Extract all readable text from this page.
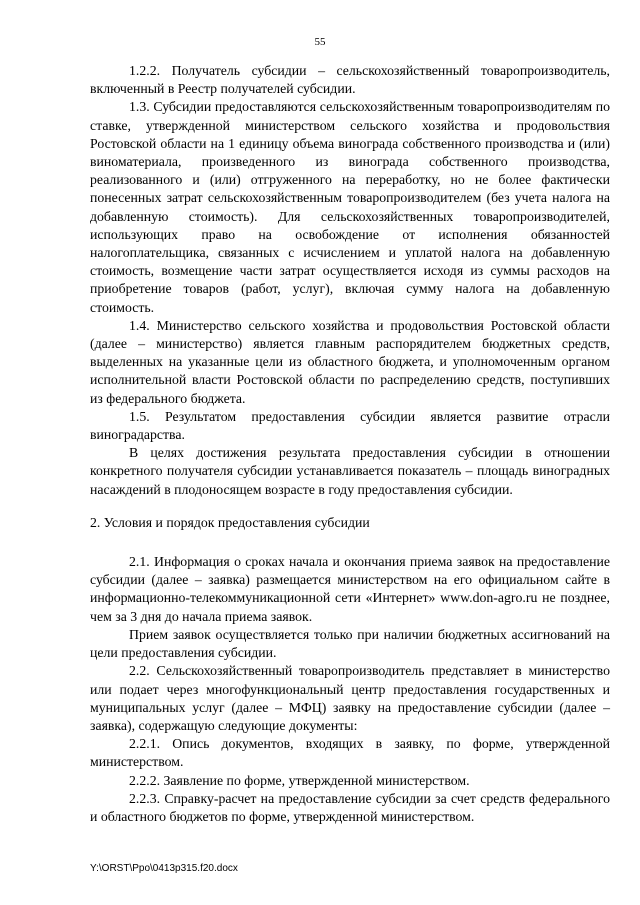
55

1.2.2. Получатель субсидии – сельскохозяйственный товаропроизводитель, включенный в Реестр получателей субсидии.

1.3. Субсидии предоставляются сельскохозяйственным товаропроизводителям по ставке, утвержденной министерством сельского хозяйства и продовольствия Ростовской области на 1 единицу объема винограда собственного производства и (или) виноматериала, произведенного из винограда собственного производства, реализованного и (или) отгруженного на переработку, но не более фактически понесенных затрат сельскохозяйственным товаропроизводителем (без учета налога на добавленную стоимость). Для сельскохозяйственных товаропроизводителей, использующих право на освобождение от исполнения обязанностей налогоплательщика, связанных с исчислением и уплатой налога на добавленную стоимость, возмещение части затрат осуществляется исходя из суммы расходов на приобретение товаров (работ, услуг), включая сумму налога на добавленную стоимость.

1.4. Министерство сельского хозяйства и продовольствия Ростовской области (далее – министерство) является главным распорядителем бюджетных средств, выделенных на указанные цели из областного бюджета, и уполномоченным органом исполнительной власти Ростовской области по распределению средств, поступивших из федерального бюджета.

1.5. Результатом предоставления субсидии является развитие отрасли виноградарства.

В целях достижения результата предоставления субсидии в отношении конкретного получателя субсидии устанавливается показатель – площадь виноградных насаждений в плодоносящем возрасте в году предоставления субсидии.

2. Условия и порядок предоставления субсидии

2.1. Информация о сроках начала и окончания приема заявок на предоставление субсидии (далее – заявка) размещается министерством на его официальном сайте в информационно-телекоммуникационной сети «Интернет» www.don-agro.ru не позднее, чем за 3 дня до начала приема заявок.

Прием заявок осуществляется только при наличии бюджетных ассигнований на цели предоставления субсидии.

2.2. Сельскохозяйственный товаропроизводитель представляет в министерство или подает через многофункциональный центр предоставления государственных и муниципальных услуг (далее – МФЦ) заявку на предоставление субсидии (далее – заявка), содержащую следующие документы:

2.2.1. Опись документов, входящих в заявку, по форме, утвержденной министерством.

2.2.2. Заявление по форме, утвержденной министерством.

2.2.3. Справку-расчет на предоставление субсидии за счет средств федерального и областного бюджетов по форме, утвержденной министерством.

Y:\ORST\Ppo\0413p315.f20.docx
